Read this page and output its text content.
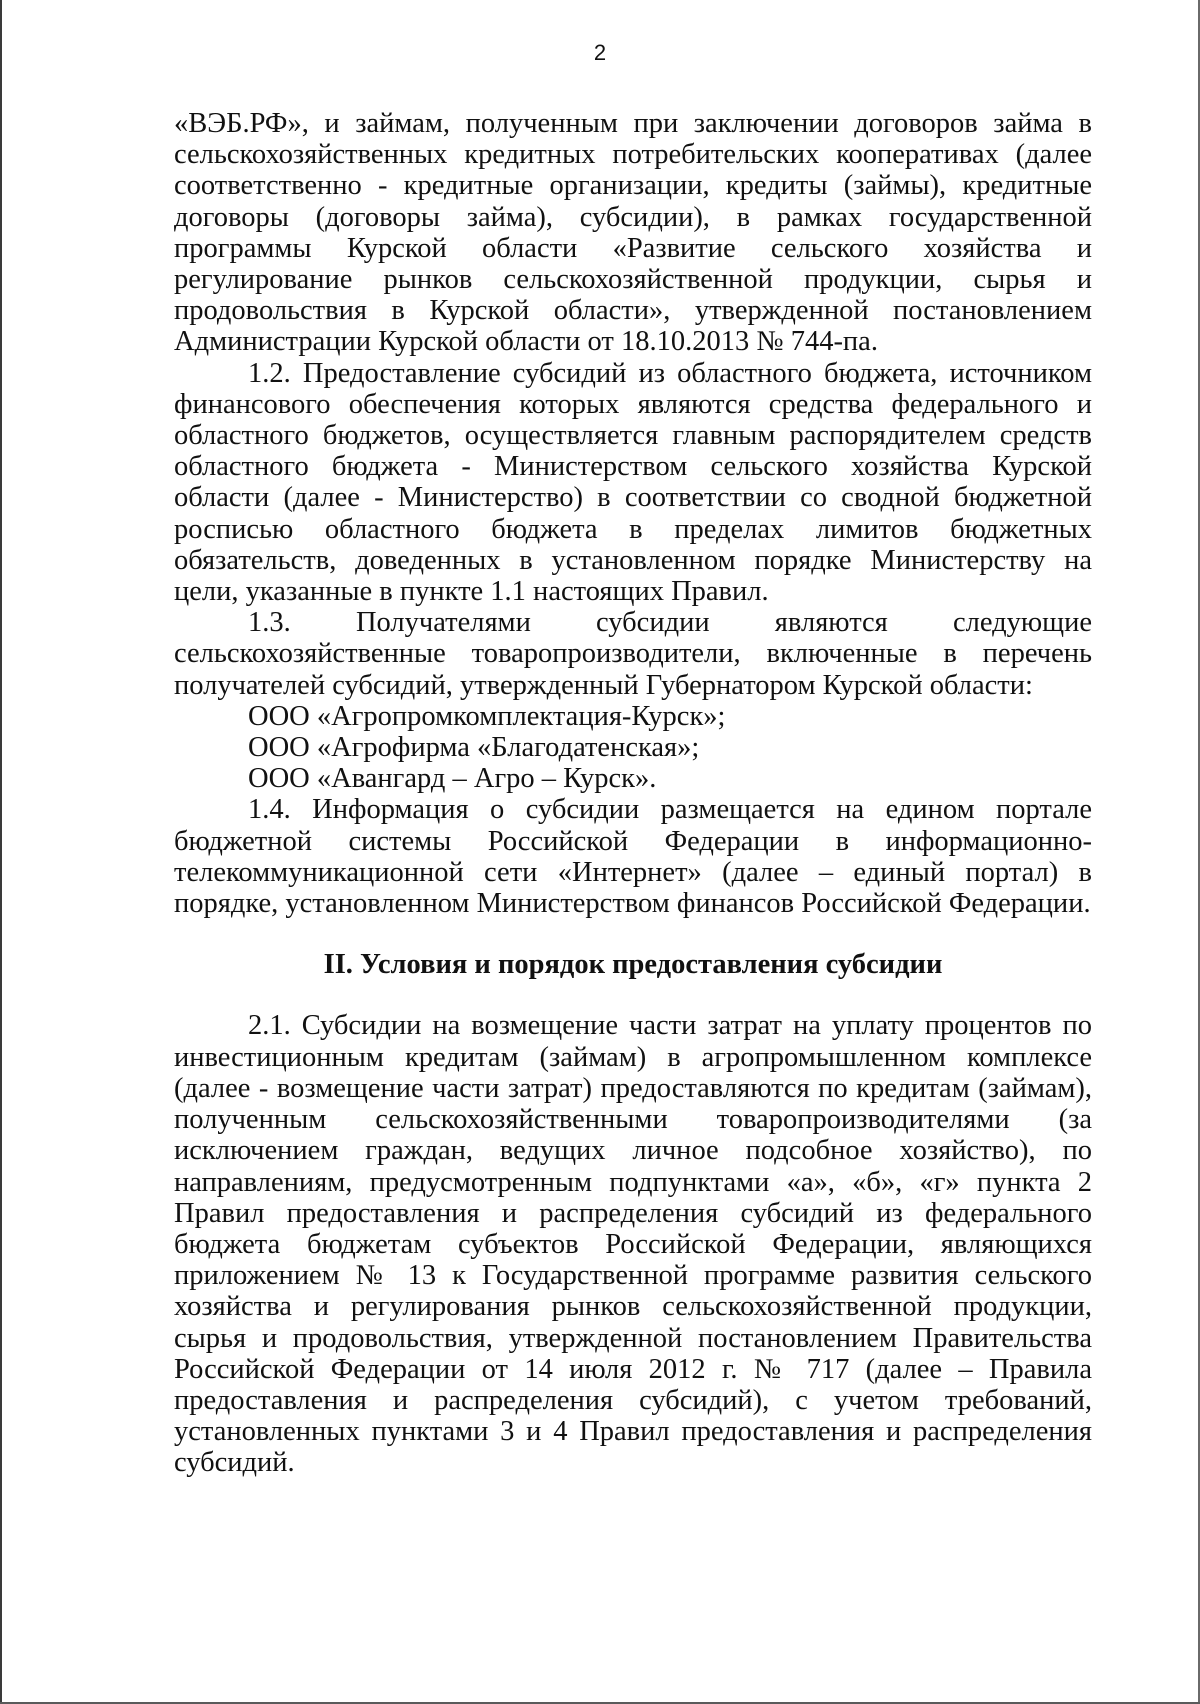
2

«ВЭБ.РФ», и займам, полученным при заключении договоров займа в сельскохозяйственных кредитных потребительских кооперативах (далее соответственно - кредитные организации, кредиты (займы), кредитные договоры (договоры займа), субсидии), в рамках государственной программы Курской области «Развитие сельского хозяйства и регулирование рынков сельскохозяйственной продукции, сырья и продовольствия в Курской области», утвержденной постановлением Администрации Курской области от 18.10.2013 № 744-па.

1.2. Предоставление субсидий из областного бюджета, источником финансового обеспечения которых являются средства федерального и областного бюджетов, осуществляется главным распорядителем средств областного бюджета - Министерством сельского хозяйства Курской области (далее - Министерство) в соответствии со сводной бюджетной росписью областного бюджета в пределах лимитов бюджетных обязательств, доведенных в установленном порядке Министерству на цели, указанные в пункте 1.1 настоящих Правил.

1.3. Получателями субсидии являются следующие сельскохозяйственные товаропроизводители, включенные в перечень получателей субсидий, утвержденный Губернатором Курской области:

ООО «Агропромкомплектация-Курск»;

ООО «Агрофирма «Благодатенская»;

ООО «Авангард – Агро – Курск».

1.4. Информация о субсидии размещается на едином портале бюджетной системы Российской Федерации в информационно-телекоммуникационной сети «Интернет» (далее – единый портал) в порядке, установленном Министерством финансов Российской Федерации.

II. Условия и порядок предоставления субсидии

2.1. Субсидии на возмещение части затрат на уплату процентов по инвестиционным кредитам (займам) в агропромышленном комплексе (далее - возмещение части затрат) предоставляются по кредитам (займам), полученным сельскохозяйственными товаропроизводителями (за исключением граждан, ведущих личное подсобное хозяйство), по направлениям, предусмотренным подпунктами «а», «б», «г» пункта 2 Правил предоставления и распределения субсидий из федерального бюджета бюджетам субъектов Российской Федерации, являющихся приложением № 13 к Государственной программе развития сельского хозяйства и регулирования рынков сельскохозяйственной продукции, сырья и продовольствия, утвержденной постановлением Правительства Российской Федерации от 14 июля 2012 г. № 717 (далее – Правила предоставления и распределения субсидий), с учетом требований, установленных пунктами 3 и 4 Правил предоставления и распределения субсидий.
